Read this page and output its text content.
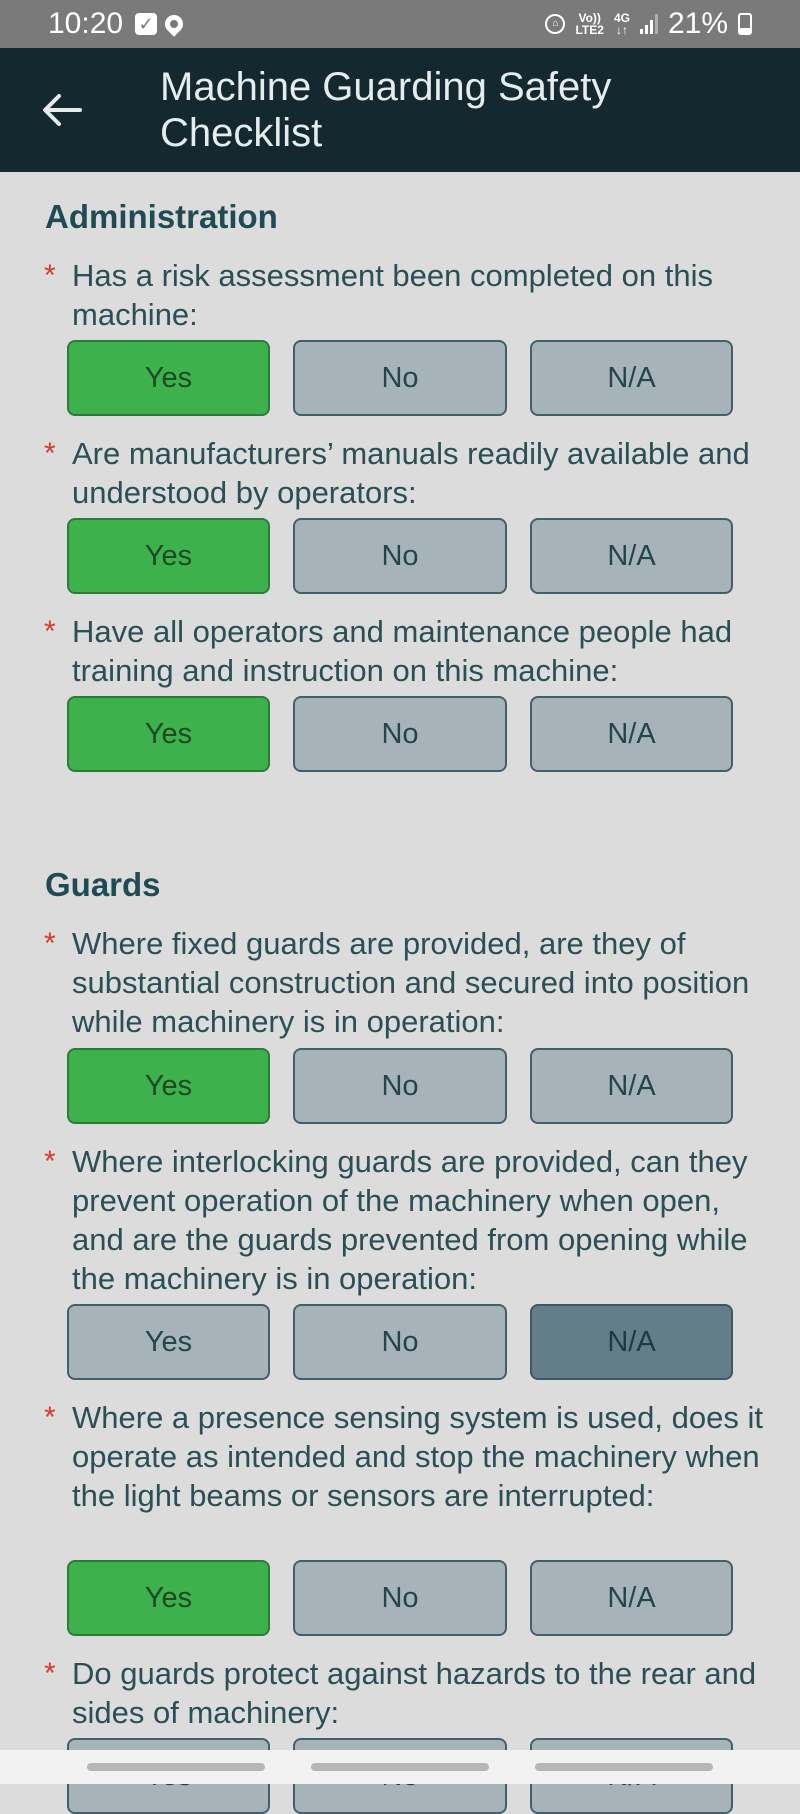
10:20 ✓	⌂	Vo))
LTE2
4G
↓↑ 21%
Machine Guarding Safety Checklist
Administration
* Has a risk assessment been completed on this machine:
Yes	No	N/A
* Are manufacturers’ manuals readily available and understood by operators:
Yes	No	N/A
* Have all operators and maintenance people had training and instruction on this machine:
Yes	No	N/A
Guards
* Where fixed guards are provided, are they of substantial construction and secured into position while machinery is in operation:
Yes	No	N/A
* Where interlocking guards are provided, can they prevent operation of the machinery when open, and are the guards prevented from opening while the machinery is in operation:
Yes	No	N/A
* Where a presence sensing system is used, does it operate as intended and stop the machinery when the light beams or sensors are interrupted:
Yes	No	N/A
* Do guards protect against hazards to the rear and sides of machinery:
